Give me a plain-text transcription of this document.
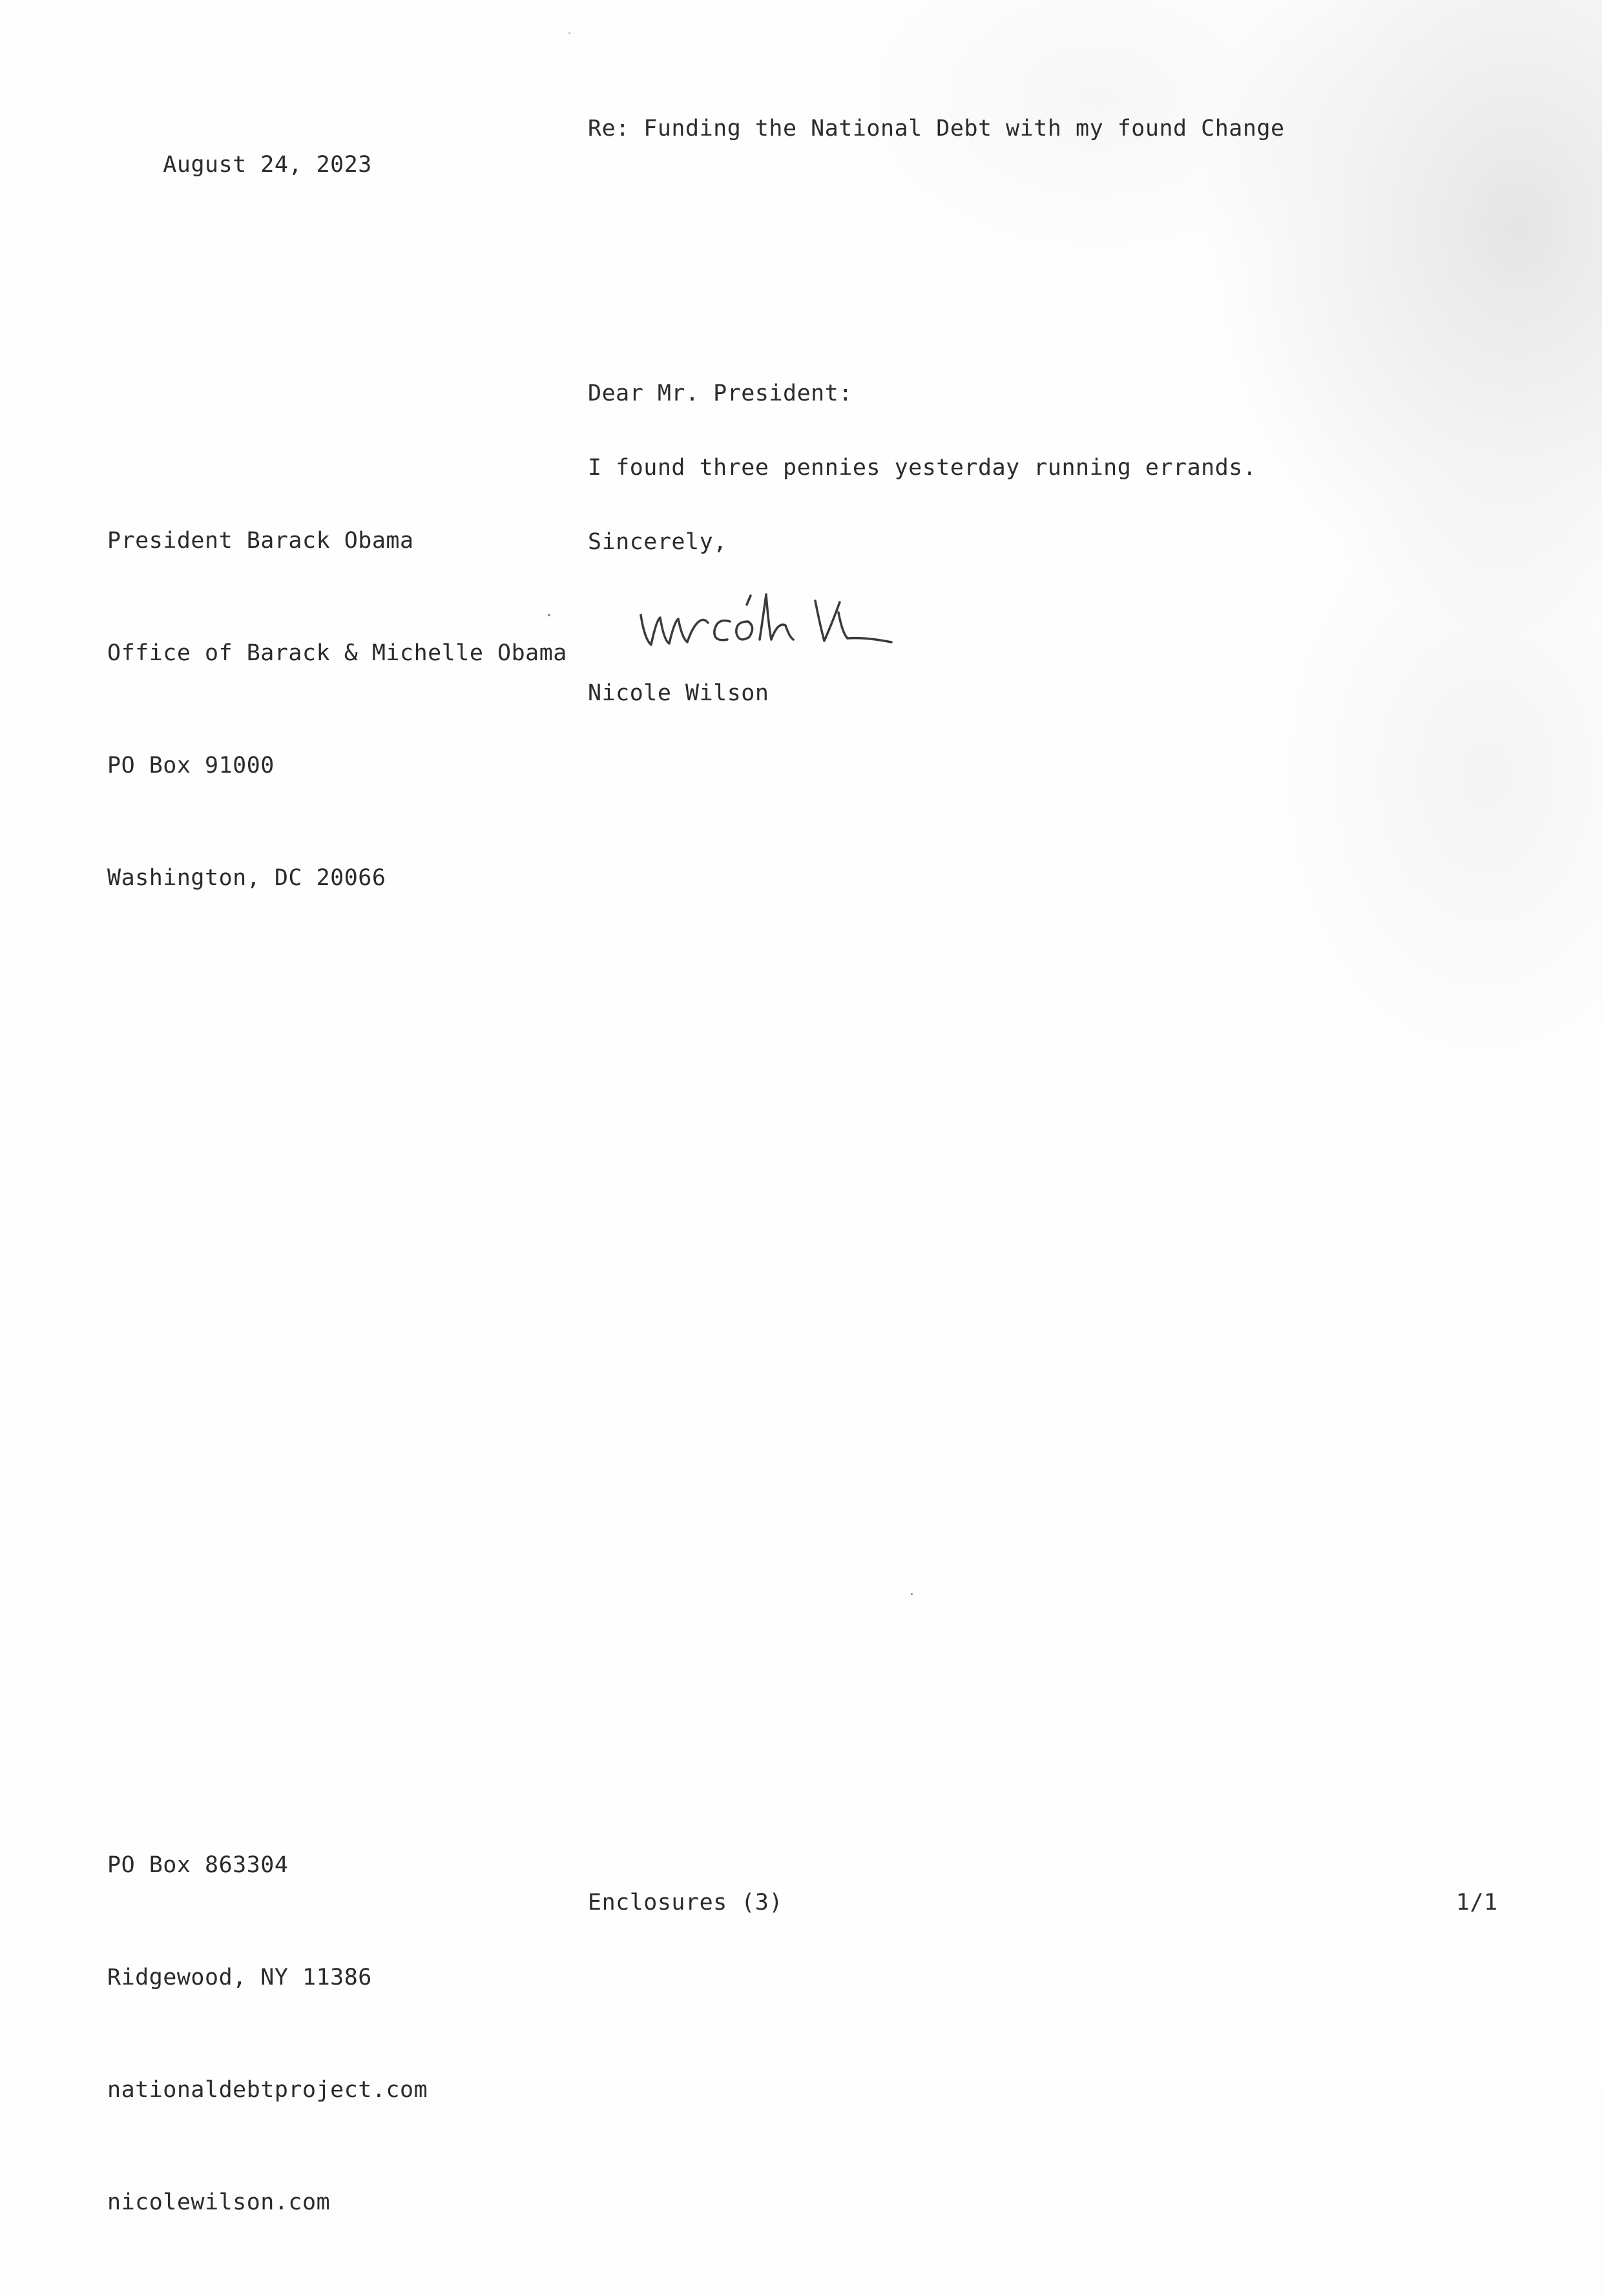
August 24, 2023

Re: Funding the National Debt with my found Change
Dear Mr. President:

President Barack Obama

Office of Barack & Michelle Obama

PO Box 91000

Washington, DC 20066

I found three pennies yesterday running errands.
Sincerely,
Nicole Wilson

PO Box 863304

Ridgewood, NY 11386

nationaldebtproject.com

nicolewilson.com

Enclosures (3)	1/1
